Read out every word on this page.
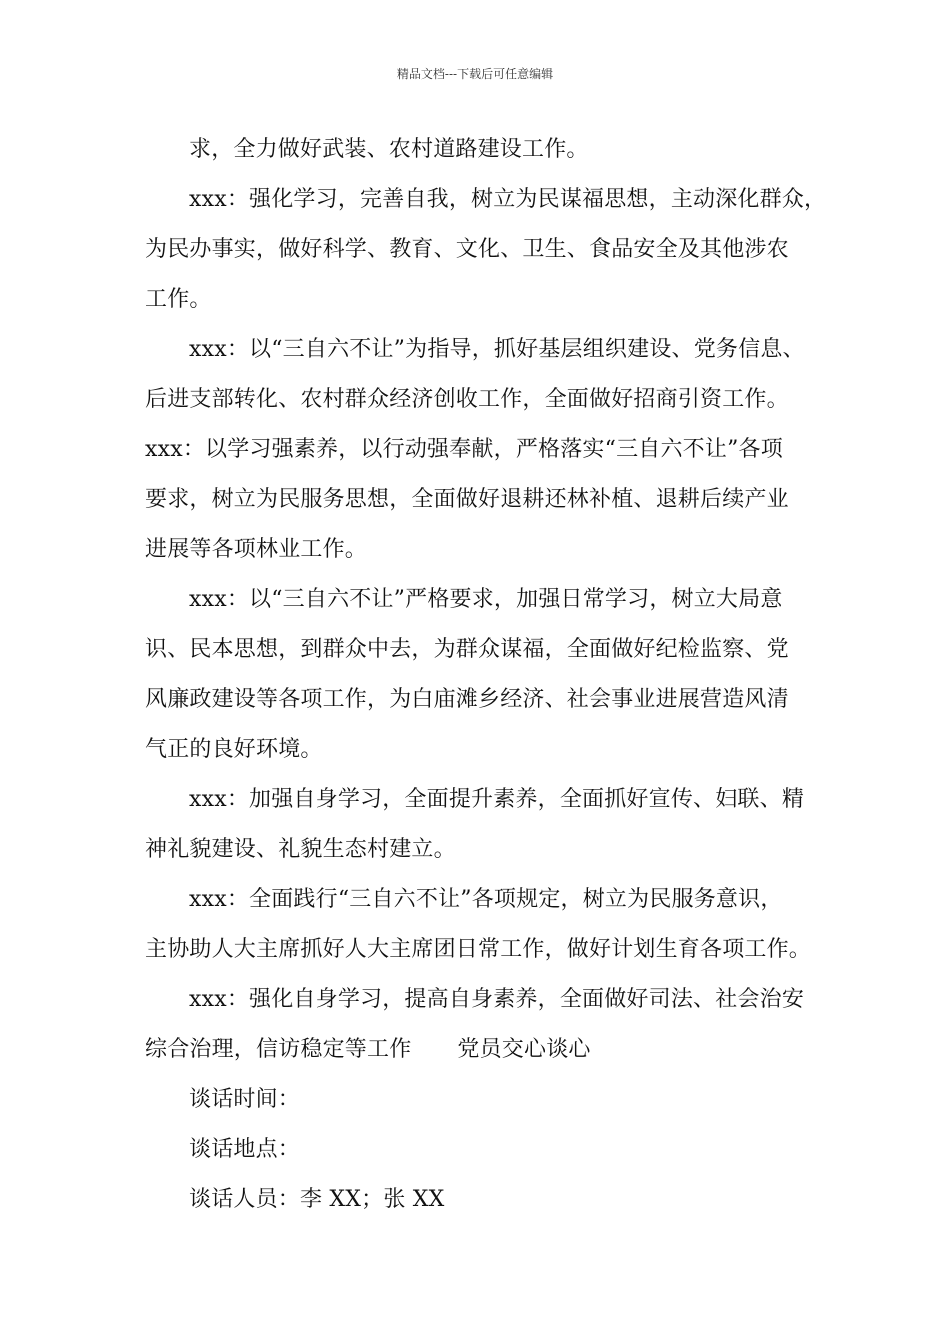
精品文档---下载后可任意编辑

求，全力做好武装、农村道路建设工作。

xxx：强化学习，完善自我，树立为民谋福思想，主动深化群众，

为民办事实，做好科学、教育、文化、卫生、食品安全及其他涉农

工作。

xxx：以“三自六不让”为指导，抓好基层组织建设、党务信息、

后进支部转化、农村群众经济创收工作，全面做好招商引资工作。

xxx：以学习强素养，以行动强奉献，严格落实“三自六不让”各项

要求，树立为民服务思想，全面做好退耕还林补植、退耕后续产业

进展等各项林业工作。

xxx：以“三自六不让”严格要求，加强日常学习，树立大局意

识、民本思想，到群众中去，为群众谋福，全面做好纪检监察、党

风廉政建设等各项工作，为白庙滩乡经济、社会事业进展营造风清

气正的良好环境。

xxx：加强自身学习，全面提升素养，全面抓好宣传、妇联、精

神礼貌建设、礼貌生态村建立。

xxx：全面践行“三自六不让”各项规定，树立为民服务意识，

主协助人大主席抓好人大主席团日常工作，做好计划生育各项工作。

xxx：强化自身学习，提高自身素养，全面做好司法、社会治安

综合治理，信访稳定等工作 党员交心谈心

谈话时间：

谈话地点：

谈话人员：李 XX；张 XX
